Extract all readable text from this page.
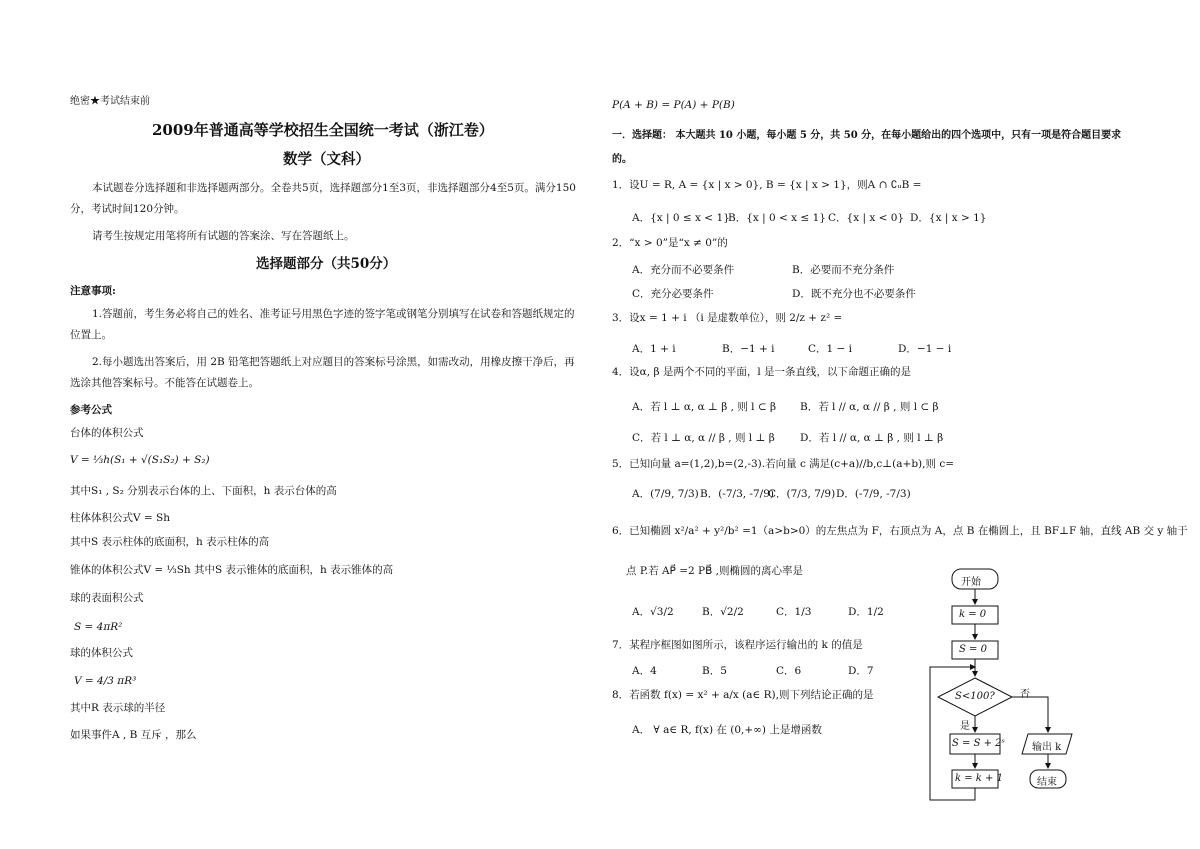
绝密★考试结束前
2009年普通高等学校招生全国统一考试（浙江卷）
数学（文科）
本试题卷分选择题和非选择题两部分。全卷共5页，选择题部分1至3页，非选择题部分4至5页。满分150分，考试时间120分钟。
请考生按规定用笔将所有试题的答案涂、写在答题纸上。
选择题部分（共50分）
注意事项:
1.答题前，考生务必将自己的姓名、准考证号用黑色字迹的签字笔或钢笔分别填写在试卷和答题纸规定的位置上。
2.每小题选出答案后，用 2B 铅笔把答题纸上对应题目的答案标号涂黑，如需改动，用橡皮擦干净后，再选涂其他答案标号。不能答在试题卷上。
参考公式
台体的体积公式
V = ⅓h(S₁ + √(S₁S₂) + S₂)
其中S₁ , S₂ 分别表示台体的上、下面积，h 表示台体的高
柱体体积公式V = Sh
其中S 表示柱体的底面积，h 表示柱体的高
锥体的体积公式V = ⅓Sh 其中S 表示锥体的底面积，h 表示锥体的高
球的表面积公式
S = 4πR²
球的体积公式
V = 4/3 πR³
其中R 表示球的半径
如果事件A , B 互斥 ，那么
P(A + B) = P(A) + P(B)
一．选择题： 本大题共 10 小题，每小题 5 分，共 50 分，在每小题给出的四个选项中，只有一项是符合题目要求的。
1．设U = R, A = {x | x > 0}, B = {x | x > 1}，则A ∩ ∁ᵤB =
A．{x | 0 ≤ x < 1}
B．{x | 0 < x ≤ 1} C．{x | x < 0} D．{x | x > 1}
2．“x > 0”是“x ≠ 0”的
A．充分而不必要条件	B．必要而不充分条件
C．充分必要条件	D．既不充分也不必要条件
3．设x = 1 + i （i 是虚数单位），则 2/z + z² =
A．1 + i	B．−1 + i	C．1 − i	D．−1 − i
4．设α, β 是两个不同的平面，l 是一条直线，以下命题正确的是
A．若 l ⊥ α, α ⊥ β , 则 l ⊂ β B．若 l // α, α // β , 则 l ⊂ β
C．若 l ⊥ α, α // β , 则 l ⊥ β D．若 l // α, α ⊥ β , 则 l ⊥ β
5．已知向量 a=(1,2),b=(2,-3).若向量 c 满足(c+a)//b,c⊥(a+b),则 c=
A．(7/9, 7/3) B．(-7/3, -7/9)
C．(7/3, 7/9) D．(-7/9, -7/3)
6．已知椭圆 x²/a² + y²/b² =1（a>b>0）的左焦点为 F，右顶点为 A，点 B 在椭圆上，且 BF⊥F 轴，直线 AB 交 y 轴于
点 P.若 AP⃗ =2 PB⃗ ,则椭圆的离心率是
A．√3/2	B．√2/2	C．1/3	D．1/2
7．某程序框图如图所示，该程序运行输出的 k 的值是
A．4	B．5	C．6	D．7
8．若函数 f(x) = x² + a/x (a∈ R),则下列结论正确的是
A． ∀ a∈ R, f(x) 在 (0,+∞) 上是增函数
开始
k = 0
S = 0
S<100?
是
否
S = S + 2ˢ
k = k + 1
输出 k
结束
